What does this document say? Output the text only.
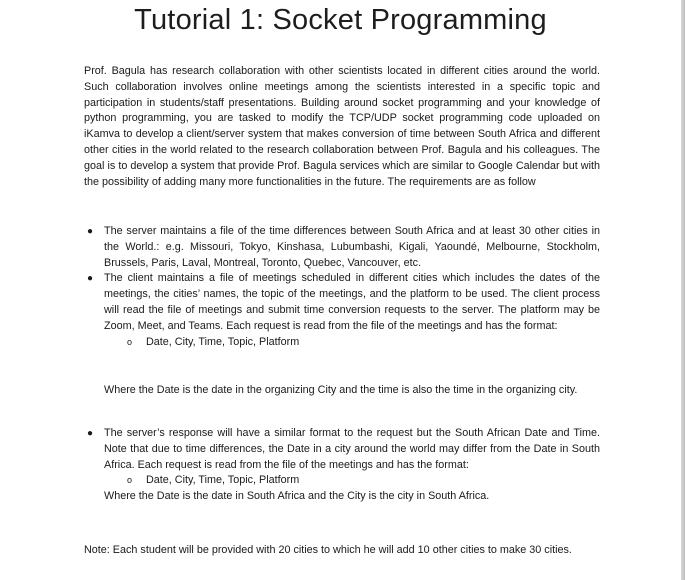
Tutorial 1: Socket Programming
Prof. Bagula has research collaboration with other scientists located in different cities around the world. Such collaboration involves online meetings among the scientists interested in a specific topic and participation in students/staff presentations. Building around socket programming and your knowledge of python programming, you are tasked to modify the TCP/UDP socket programming code uploaded on iKamva to develop a client/server system that makes conversion of time between South Africa and different other cities in the world related to the research collaboration between Prof. Bagula and his colleagues. The goal is to develop a system that provide Prof. Bagula services which are similar to Google Calendar but with the possibility of adding many more functionalities in the future. The requirements are as follow
● The server maintains a file of the time differences between South Africa and at least 30 other cities in the World.: e.g. Missouri, Tokyo, Kinshasa, Lubumbashi, Kigali, Yaoundé, Melbourne, Stockholm, Brussels, Paris, Laval, Montreal, Toronto, Quebec, Vancouver, etc.
● The client maintains a file of meetings scheduled in different cities which includes the dates of the meetings, the cities’ names, the topic of the meetings, and the platform to be used. The client process will read the file of meetings and submit time conversion requests to the server. The platform may be Zoom, Meet, and Teams. Each request is read from the file of the meetings and has the format:
o Date, City, Time, Topic, Platform
Where the Date is the date in the organizing City and the time is also the time in the organizing city.
● The server’s response will have a similar format to the request but the South African Date and Time. Note that due to time differences, the Date in a city around the world may differ from the Date in South Africa. Each request is read from the file of the meetings and has the format:
o Date, City, Time, Topic, Platform
Where the Date is the date in South Africa and the City is the city in South Africa.
Note: Each student will be provided with 20 cities to which he will add 10 other cities to make 30 cities.
